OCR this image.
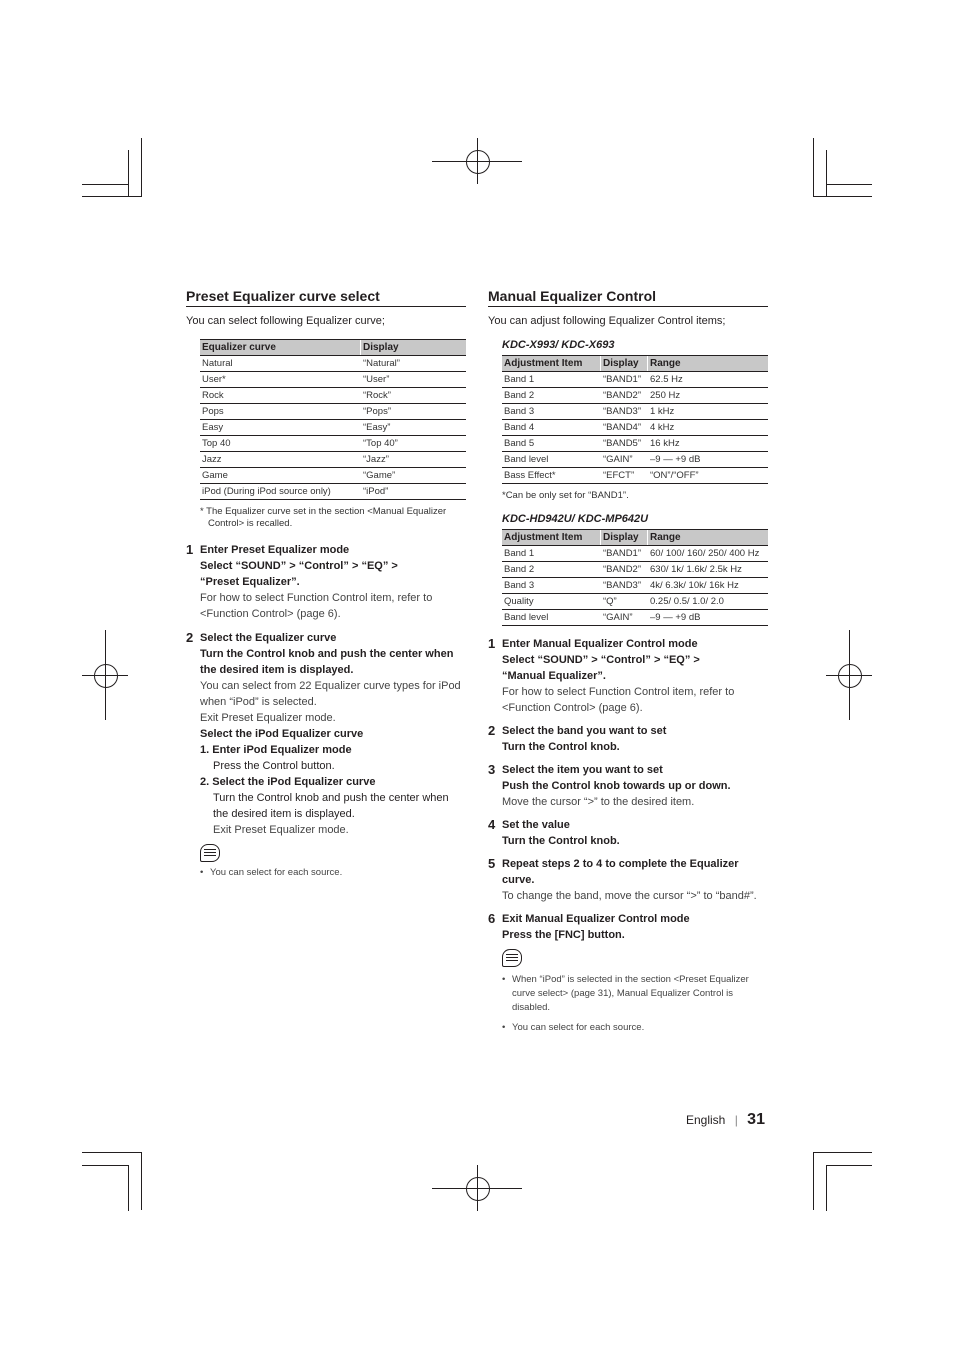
Preset Equalizer curve select

You can select following Equalizer curve;

Equalizer curve	Display
Natural	“Natural”
User*	“User”
Rock	“Rock”
Pops	“Pops”
Easy	“Easy”
Top 40	“Top 40”
Jazz	“Jazz”
Game	“Game”
iPod (During iPod source only)	“iPod”
* The Equalizer curve set in the section <Manual Equalizer Control> is recalled.
1 Enter Preset Equalizer mode
Select “SOUND” > “Control” > “EQ” >
“Preset Equalizer”.
For how to select Function Control item, refer to <Function Control> (page 6).
2 Select the Equalizer curve
Turn the Control knob and push the center when the desired item is displayed.
You can select from 22 Equalizer curve types for iPod when “iPod” is selected.
Exit Preset Equalizer mode.
Select the iPod Equalizer curve
1. Enter iPod Equalizer mode
Press the Control button.
2. Select the iPod Equalizer curve
Turn the Control knob and push the center when the desired item is displayed.
Exit Preset Equalizer mode.
• You can select for each source.
Manual Equalizer Control

You can adjust following Equalizer Control items;

KDC-X993/ KDC-X693
Adjustment Item	Display	Range
Band 1	“BAND1”	62.5 Hz
Band 2	“BAND2”	250 Hz
Band 3	“BAND3”	1 kHz
Band 4	“BAND4”	4 kHz
Band 5	“BAND5”	16 kHz
Band level	“GAIN”	–9 — +9 dB
Bass Effect*	“EFCT”	“ON”/“OFF”
*Can be only set for “BAND1”.
KDC-HD942U/ KDC-MP642U
Adjustment Item	Display	Range
Band 1	“BAND1”	60/ 100/ 160/ 250/ 400 Hz
Band 2	“BAND2”	630/ 1k/ 1.6k/ 2.5k Hz
Band 3	“BAND3”	4k/ 6.3k/ 10k/ 16k Hz
Quality	“Q”	0.25/ 0.5/ 1.0/ 2.0
Band level	“GAIN”	–9 — +9 dB
1 Enter Manual Equalizer Control mode
Select “SOUND” > “Control” > “EQ” >
“Manual Equalizer”.
For how to select Function Control item, refer to <Function Control> (page 6).
2 Select the band you want to set
Turn the Control knob.
3 Select the item you want to set
Push the Control knob towards up or down.
Move the cursor “>” to the desired item.
4 Set the value
Turn the Control knob.
5 Repeat steps 2 to 4 to complete the Equalizer curve.
To change the band, move the cursor “>” to “band#”.
6 Exit Manual Equalizer Control mode
Press the [FNC] button.
• When “iPod” is selected in the section <Preset Equalizer curve select> (page 31), Manual Equalizer Control is disabled.
• You can select for each source.
English | 31
